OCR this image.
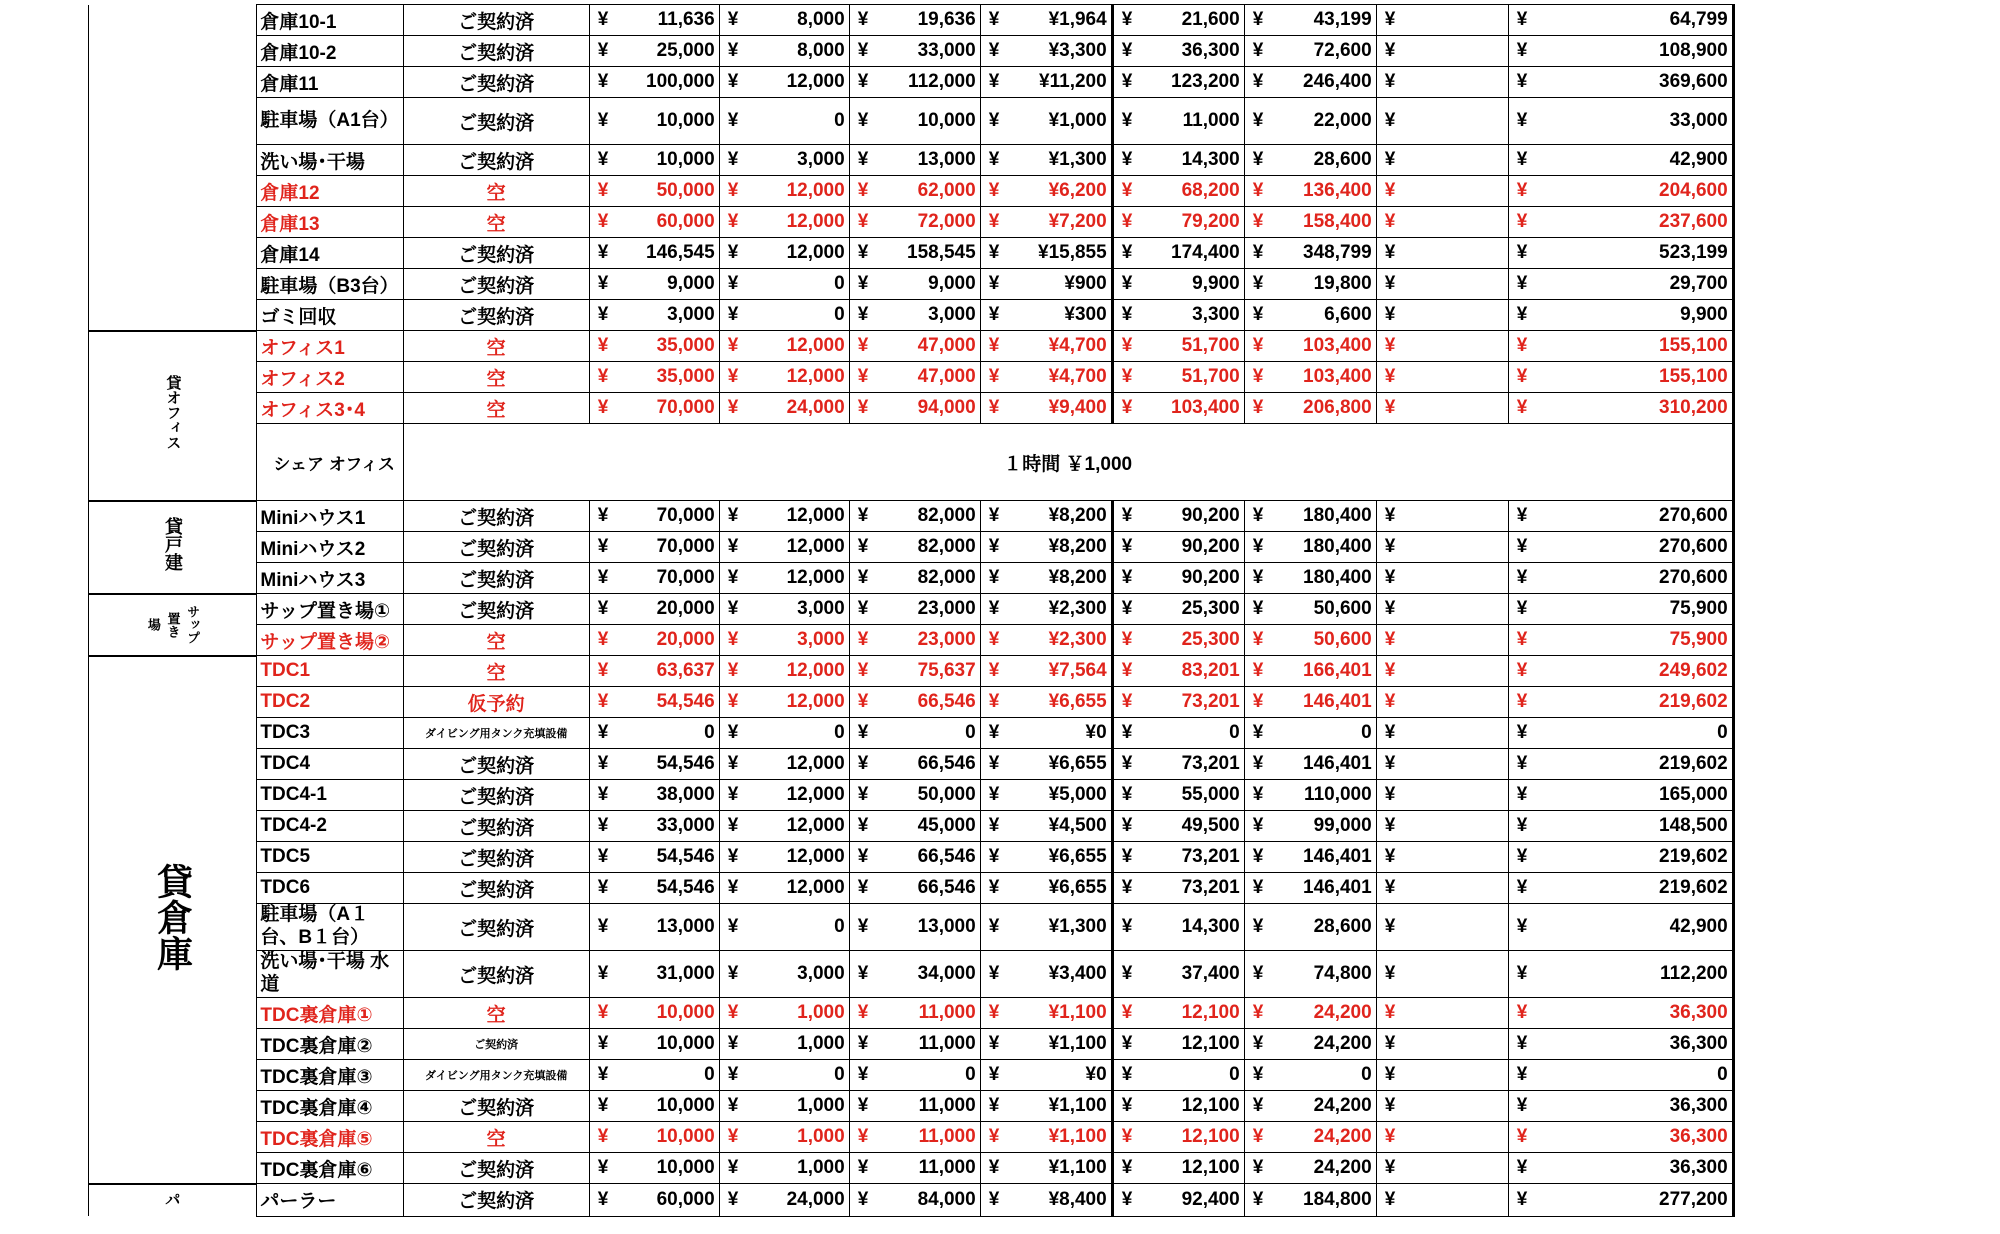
	倉庫10-1	ご契約済	¥	11,636	¥	8,000	¥	19,636	¥	¥1,964	¥	21,600	¥	43,199	¥		¥	64,799
	倉庫10-2	ご契約済	¥	25,000	¥	8,000	¥	33,000	¥	¥3,300	¥	36,300	¥	72,600	¥		¥	108,900
	倉庫11	ご契約済	¥	100,000	¥	12,000	¥	112,000	¥	¥11,200	¥	123,200	¥	246,400	¥		¥	369,600
	駐車場（A1台）	ご契約済	¥	10,000	¥	0	¥	10,000	¥	¥1,000	¥	11,000	¥	22,000	¥		¥	33,000
	洗い場･干場	ご契約済	¥	10,000	¥	3,000	¥	13,000	¥	¥1,300	¥	14,300	¥	28,600	¥		¥	42,900
	倉庫12	空	¥	50,000	¥	12,000	¥	62,000	¥	¥6,200	¥	68,200	¥	136,400	¥		¥	204,600
	倉庫13	空	¥	60,000	¥	12,000	¥	72,000	¥	¥7,200	¥	79,200	¥	158,400	¥		¥	237,600
	倉庫14	ご契約済	¥	146,545	¥	12,000	¥	158,545	¥	¥15,855	¥	174,400	¥	348,799	¥		¥	523,199
	駐車場（B3台）	ご契約済	¥	9,000	¥	0	¥	9,000	¥	¥900	¥	9,900	¥	19,800	¥		¥	29,700
	ゴミ回収	ご契約済	¥	3,000	¥	0	¥	3,000	¥	¥300	¥	3,300	¥	6,600	¥		¥	9,900
貸オフィス	オフィス1	空	¥	35,000	¥	12,000	¥	47,000	¥	¥4,700	¥	51,700	¥	103,400	¥		¥	155,100
	オフィス2	空	¥	35,000	¥	12,000	¥	47,000	¥	¥4,700	¥	51,700	¥	103,400	¥		¥	155,100
	オフィス3･4	空	¥	70,000	¥	24,000	¥	94,000	¥	¥9,400	¥	103,400	¥	206,800	¥		¥	310,200
	シェア オフィス	１時間 ￥1,000																
貸戸建	Miniハウス1	ご契約済	¥	70,000	¥	12,000	¥	82,000	¥	¥8,200	¥	90,200	¥	180,400	¥		¥	270,600
	Miniハウス2	ご契約済	¥	70,000	¥	12,000	¥	82,000	¥	¥8,200	¥	90,200	¥	180,400	¥		¥	270,600
	Miniハウス3	ご契約済	¥	70,000	¥	12,000	¥	82,000	¥	¥8,200	¥	90,200	¥	180,400	¥		¥	270,600

サップ
置き
場	サップ置き場①	ご契約済	¥	20,000	¥	3,000	¥	23,000	¥	¥2,300	¥	25,300	¥	50,600	¥		¥	75,900
	サップ置き場②	空	¥	20,000	¥	3,000	¥	23,000	¥	¥2,300	¥	25,300	¥	50,600	¥		¥	75,900
貸倉庫	TDC1	空	¥	63,637	¥	12,000	¥	75,637	¥	¥7,564	¥	83,201	¥	166,401	¥		¥	249,602
	TDC2	仮予約	¥	54,546	¥	12,000	¥	66,546	¥	¥6,655	¥	73,201	¥	146,401	¥		¥	219,602
	TDC3	ダイビング用タンク充填設備	¥	0	¥	0	¥	0	¥	¥0	¥	0	¥	0	¥		¥	0
	TDC4	ご契約済	¥	54,546	¥	12,000	¥	66,546	¥	¥6,655	¥	73,201	¥	146,401	¥		¥	219,602
	TDC4-1	ご契約済	¥	38,000	¥	12,000	¥	50,000	¥	¥5,000	¥	55,000	¥	110,000	¥		¥	165,000
	TDC4-2	ご契約済	¥	33,000	¥	12,000	¥	45,000	¥	¥4,500	¥	49,500	¥	99,000	¥		¥	148,500
	TDC5	ご契約済	¥	54,546	¥	12,000	¥	66,546	¥	¥6,655	¥	73,201	¥	146,401	¥		¥	219,602
	TDC6	ご契約済	¥	54,546	¥	12,000	¥	66,546	¥	¥6,655	¥	73,201	¥	146,401	¥		¥	219,602
	駐車場（A１台、B１台）	ご契約済	¥	13,000	¥	0	¥	13,000	¥	¥1,300	¥	14,300	¥	28,600	¥		¥	42,900
	洗い場･干場 水道	ご契約済	¥	31,000	¥	3,000	¥	34,000	¥	¥3,400	¥	37,400	¥	74,800	¥		¥	112,200
	TDC裏倉庫①	空	¥	10,000	¥	1,000	¥	11,000	¥	¥1,100	¥	12,100	¥	24,200	¥		¥	36,300
	TDC裏倉庫②	ご契約済	¥	10,000	¥	1,000	¥	11,000	¥	¥1,100	¥	12,100	¥	24,200	¥		¥	36,300
	TDC裏倉庫③	ダイビング用タンク充填設備	¥	0	¥	0	¥	0	¥	¥0	¥	0	¥	0	¥		¥	0
	TDC裏倉庫④	ご契約済	¥	10,000	¥	1,000	¥	11,000	¥	¥1,100	¥	12,100	¥	24,200	¥		¥	36,300
	TDC裏倉庫⑤	空	¥	10,000	¥	1,000	¥	11,000	¥	¥1,100	¥	12,100	¥	24,200	¥		¥	36,300
	TDC裏倉庫⑥	ご契約済	¥	10,000	¥	1,000	¥	11,000	¥	¥1,100	¥	12,100	¥	24,200	¥		¥	36,300
パ	パーラー	ご契約済	¥	60,000	¥	24,000	¥	84,000	¥	¥8,400	¥	92,400	¥	184,800	¥		¥	277,200
